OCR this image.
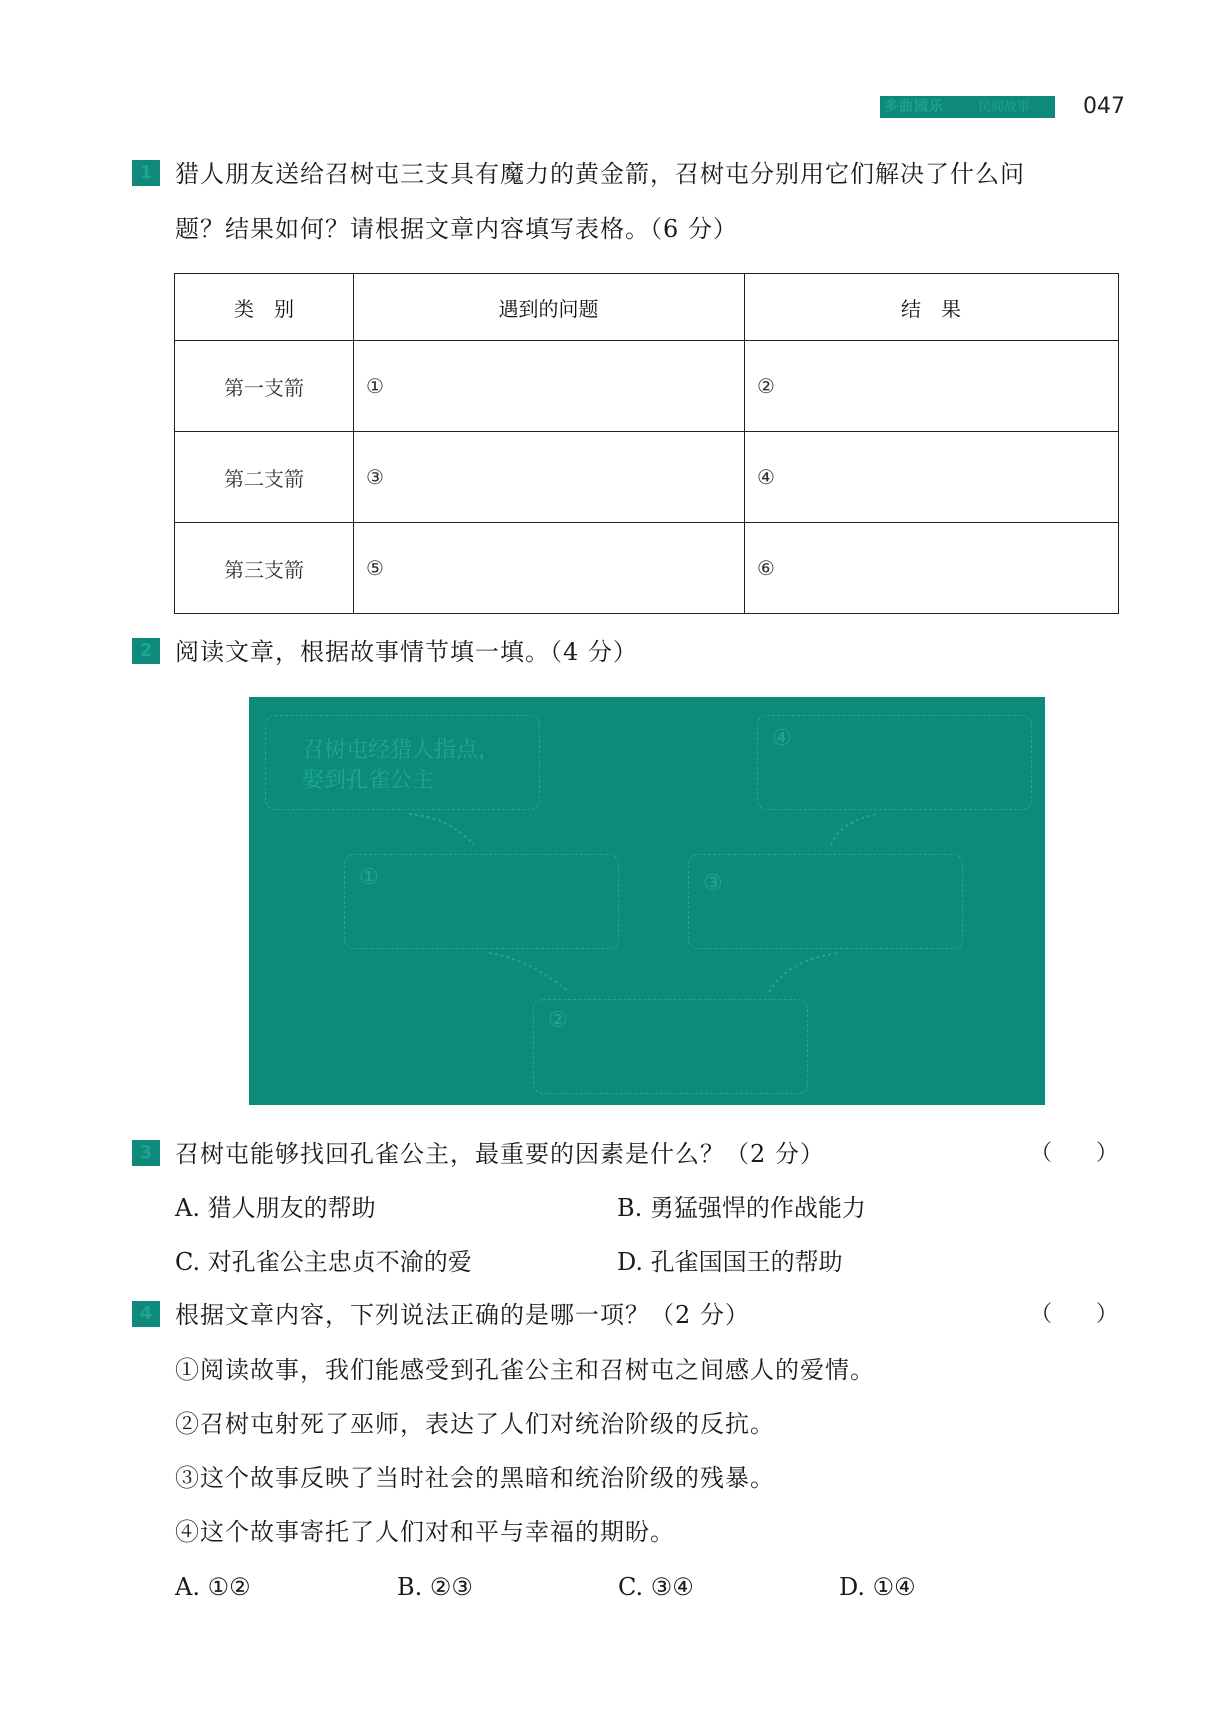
多曲园乐	民间故事 047
1 猎人朋友送给召树屯三支具有魔力的黄金箭，召树屯分别用它们解决了什么问
题？结果如何？请根据文章内容填写表格。（6 分）
类　别	遇到的问题	结　果
第一支箭	①	②
第二支箭	③	④
第三支箭	⑤	⑥
2 阅读文章，根据故事情节填一填。（4 分）
召树屯经猎人指点，
娶到孔雀公主
①	③
④
②
3 召树屯能够找回孔雀公主，最重要的因素是什么？（2 分）	（　　）
A. 猎人朋友的帮助	B. 勇猛强悍的作战能力
C. 对孔雀公主忠贞不渝的爱	D. 孔雀国国王的帮助
4 根据文章内容，下列说法正确的是哪一项？（2 分）	（　　）
①阅读故事，我们能感受到孔雀公主和召树屯之间感人的爱情。
②召树屯射死了巫师，表达了人们对统治阶级的反抗。
③这个故事反映了当时社会的黑暗和统治阶级的残暴。
④这个故事寄托了人们对和平与幸福的期盼。
A. ①②	B. ②③	C. ③④	D. ①④
